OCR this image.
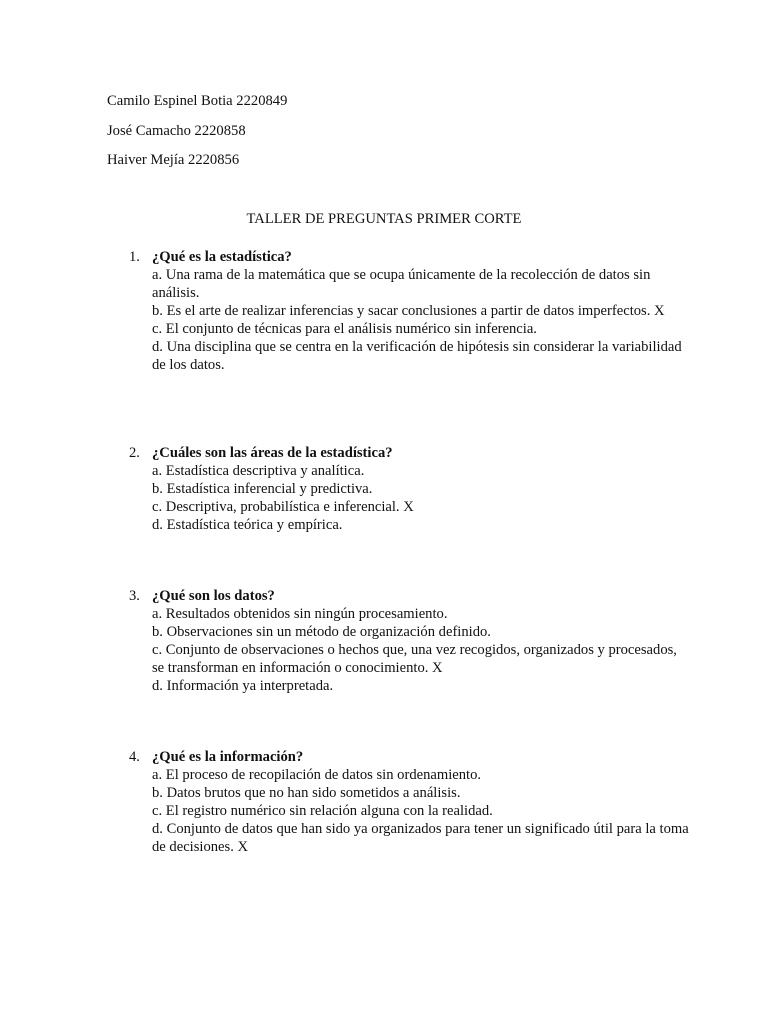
Camilo Espinel Botia 2220849
José Camacho 2220858
Haiver Mejía 2220856
TALLER DE PREGUNTAS PRIMER CORTE
1. ¿Qué es la estadística?
a. Una rama de la matemática que se ocupa únicamente de la recolección de datos sin análisis.
b. Es el arte de realizar inferencias y sacar conclusiones a partir de datos imperfectos. X
c. El conjunto de técnicas para el análisis numérico sin inferencia.
d. Una disciplina que se centra en la verificación de hipótesis sin considerar la variabilidad de los datos.
2. ¿Cuáles son las áreas de la estadística?
a. Estadística descriptiva y analítica.
b. Estadística inferencial y predictiva.
c. Descriptiva, probabilística e inferencial. X
d. Estadística teórica y empírica.
3. ¿Qué son los datos?
a. Resultados obtenidos sin ningún procesamiento.
b. Observaciones sin un método de organización definido.
c. Conjunto de observaciones o hechos que, una vez recogidos, organizados y procesados, se transforman en información o conocimiento. X
d. Información ya interpretada.
4. ¿Qué es la información?
a. El proceso de recopilación de datos sin ordenamiento.
b. Datos brutos que no han sido sometidos a análisis.
c. El registro numérico sin relación alguna con la realidad.
d. Conjunto de datos que han sido ya organizados para tener un significado útil para la toma de decisiones. X
